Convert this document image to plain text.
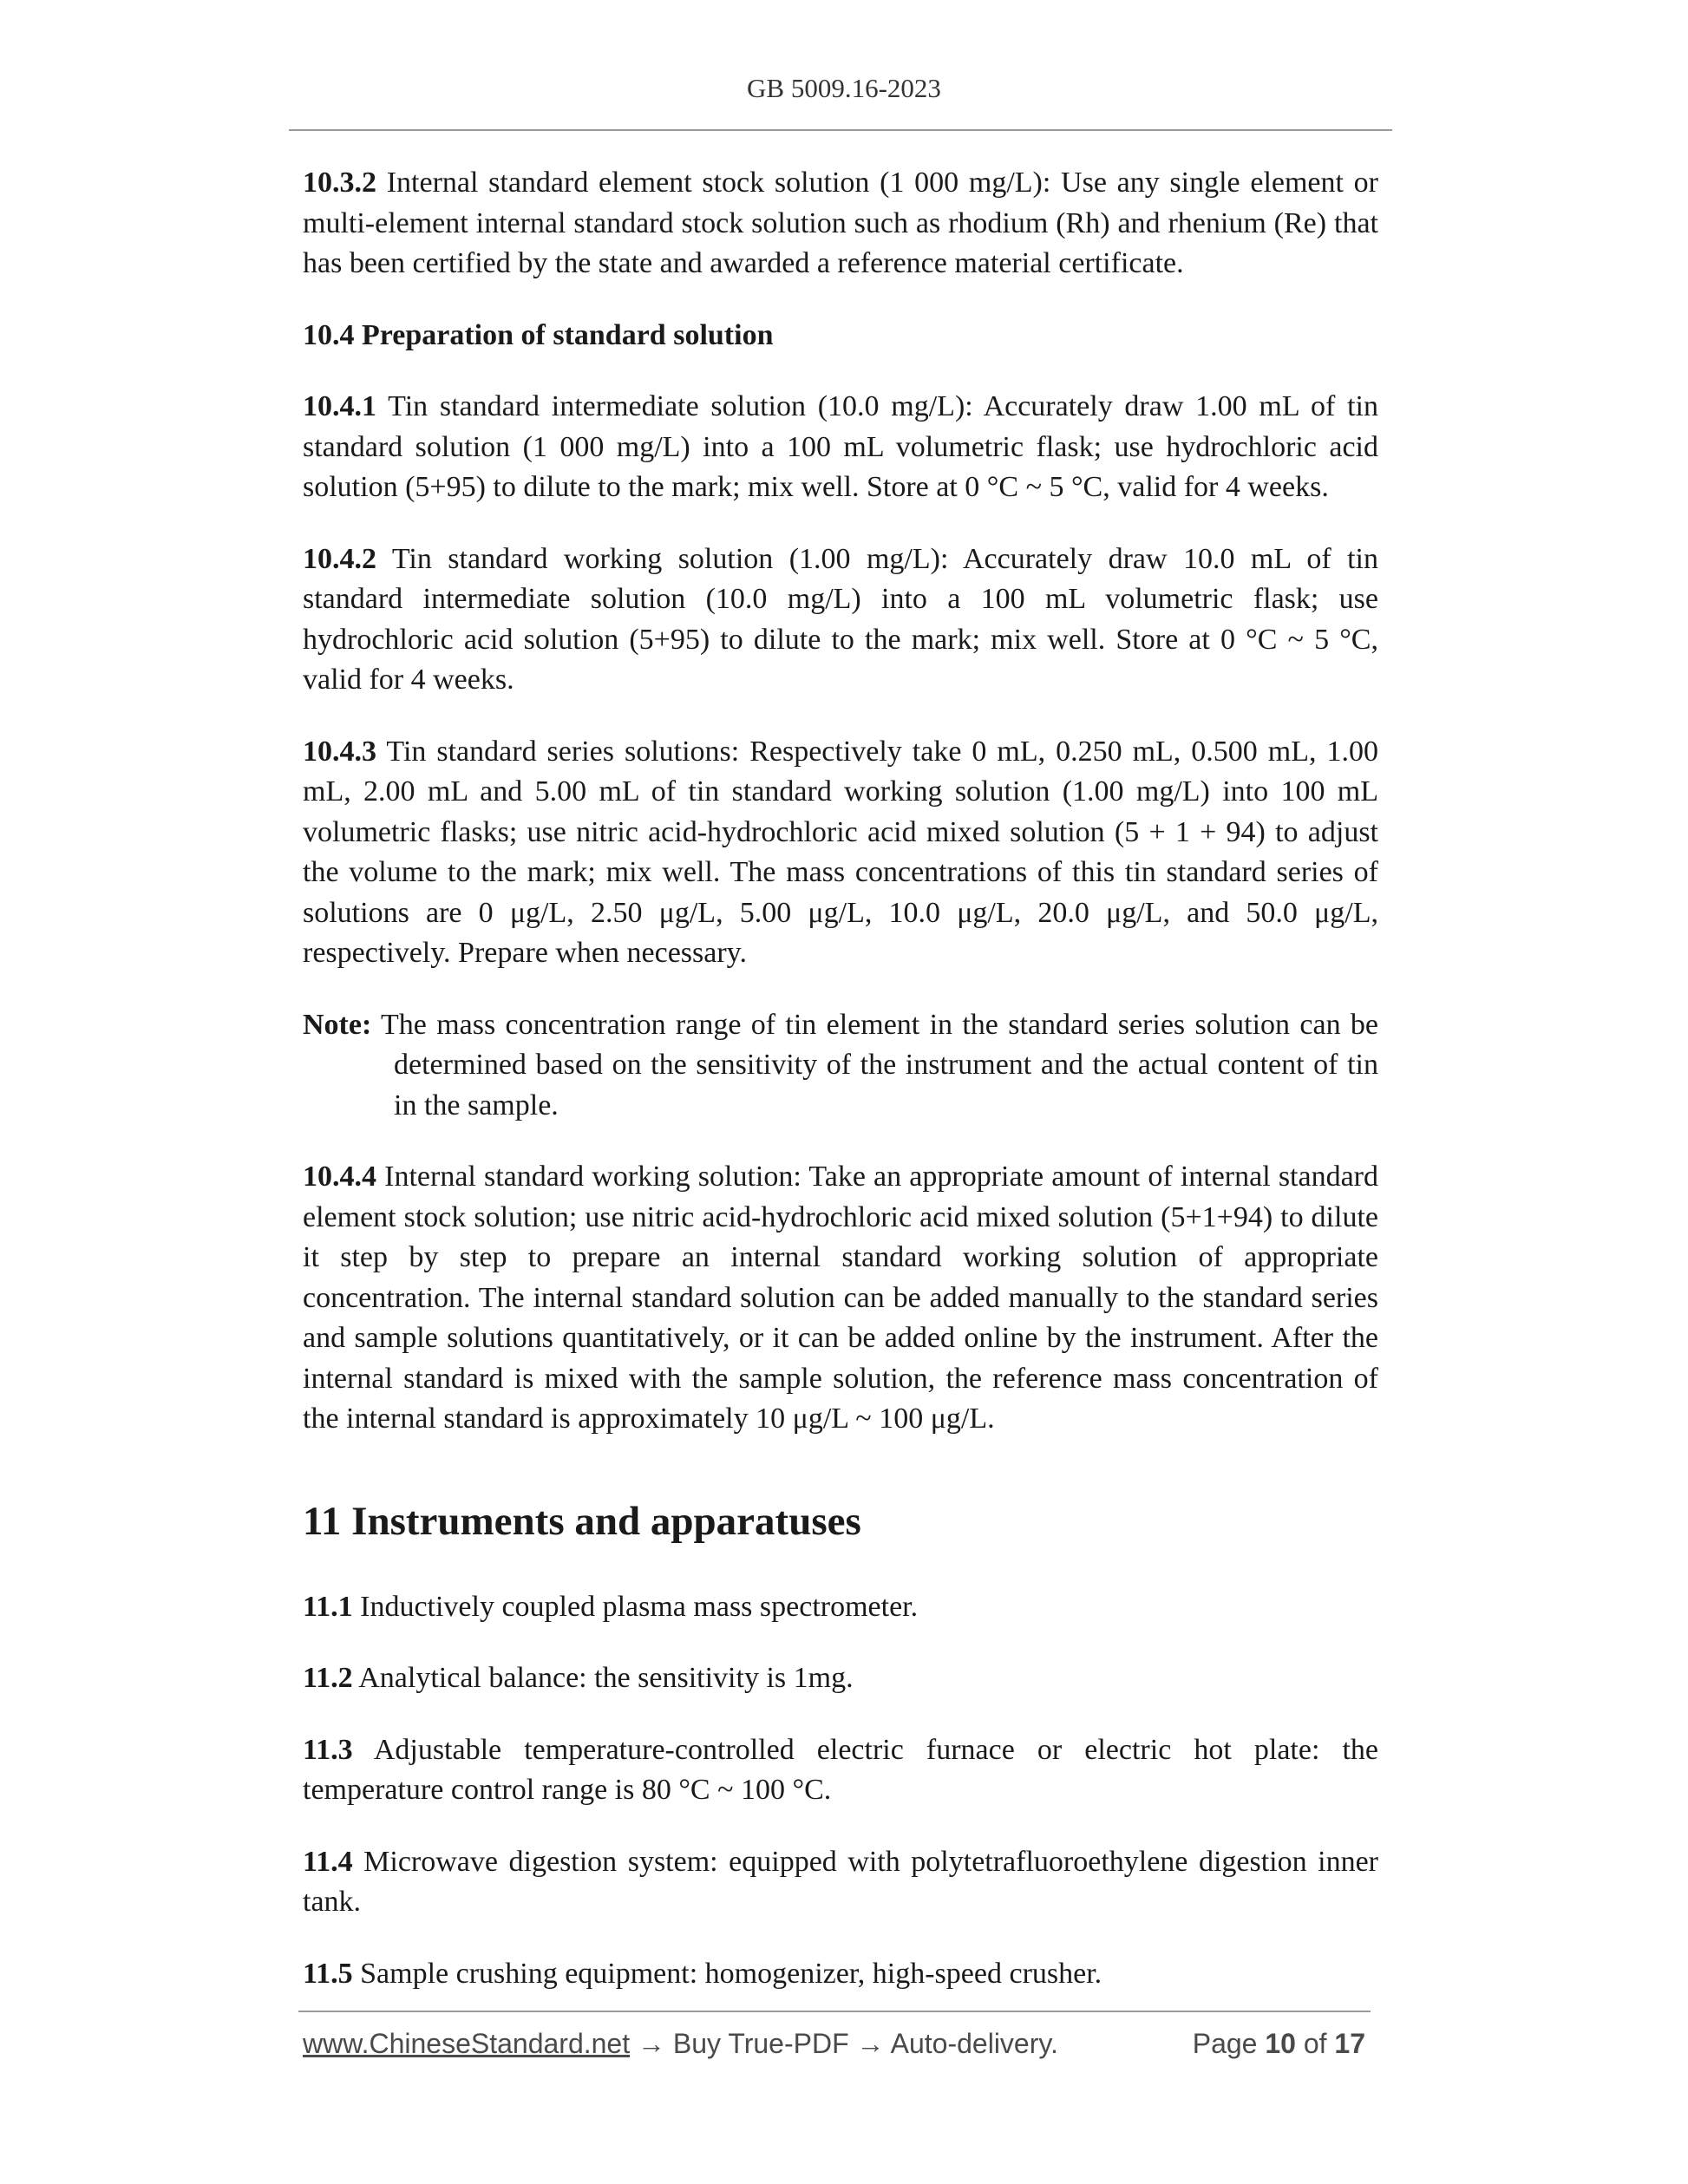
GB 5009.16-2023

10.3.2 Internal standard element stock solution (1 000 mg/L): Use any single element or multi-element internal standard stock solution such as rhodium (Rh) and rhenium (Re) that has been certified by the state and awarded a reference material certificate.

10.4 Preparation of standard solution

10.4.1 Tin standard intermediate solution (10.0 mg/L): Accurately draw 1.00 mL of tin standard solution (1 000 mg/L) into a 100 mL volumetric flask; use hydrochloric acid solution (5+95) to dilute to the mark; mix well. Store at 0 °C ~ 5 °C, valid for 4 weeks.

10.4.2 Tin standard working solution (1.00 mg/L): Accurately draw 10.0 mL of tin standard intermediate solution (10.0 mg/L) into a 100 mL volumetric flask; use hydrochloric acid solution (5+95) to dilute to the mark; mix well. Store at 0 °C ~ 5 °C, valid for 4 weeks.

10.4.3 Tin standard series solutions: Respectively take 0 mL, 0.250 mL, 0.500 mL, 1.00 mL, 2.00 mL and 5.00 mL of tin standard working solution (1.00 mg/L) into 100 mL volumetric flasks; use nitric acid-hydrochloric acid mixed solution (5 + 1 + 94) to adjust the volume to the mark; mix well. The mass concentrations of this tin standard series of solutions are 0 μg/L, 2.50 μg/L, 5.00 μg/L, 10.0 μg/L, 20.0 μg/L, and 50.0 μg/L, respectively. Prepare when necessary.

Note: The mass concentration range of tin element in the standard series solution can be determined based on the sensitivity of the instrument and the actual content of tin in the sample.

10.4.4 Internal standard working solution: Take an appropriate amount of internal standard element stock solution; use nitric acid-hydrochloric acid mixed solution (5+1+94) to dilute it step by step to prepare an internal standard working solution of appropriate concentration. The internal standard solution can be added manually to the standard series and sample solutions quantitatively, or it can be added online by the instrument. After the internal standard is mixed with the sample solution, the reference mass concentration of the internal standard is approximately 10 μg/L ~ 100 μg/L.

11 Instruments and apparatuses

11.1 Inductively coupled plasma mass spectrometer.

11.2 Analytical balance: the sensitivity is 1mg.

11.3 Adjustable temperature-controlled electric furnace or electric hot plate: the temperature control range is 80 °C ~ 100 °C.

11.4 Microwave digestion system: equipped with polytetrafluoroethylene digestion inner tank.

11.5 Sample crushing equipment: homogenizer, high-speed crusher.

www.ChineseStandard.net → Buy True-PDF → Auto-delivery.	Page 10 of 17
